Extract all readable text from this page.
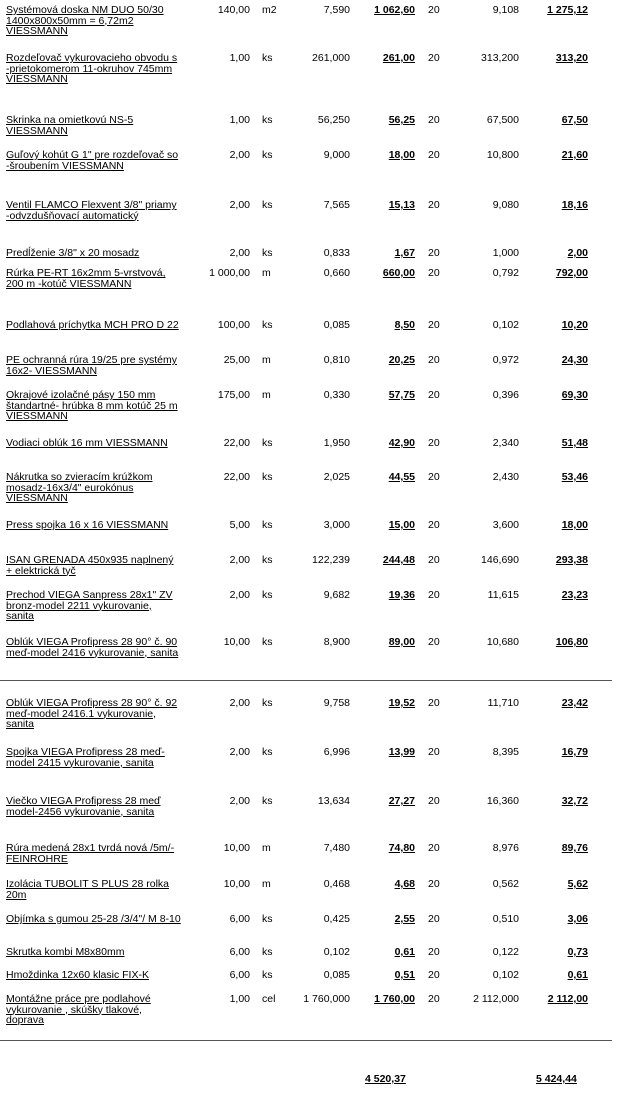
Systémová doska NM DUO 50/30 1400x800x50mm = 6,72m2 VIESSMANN
140,00 m2	7,590 1 062,60 20	9,108	1 275,12
Rozdeľovač vykurovacieho obvodu s -prietokomerom 11-okruhov 745mm VIESSMANN
1,00 ks	261,000	261,00 20	313,200	313,20
Skrinka na omietkovú NS-5 VIESSMANN
1,00 ks	56,250	56,25 20	67,500	67,50
Guľový kohút G 1" pre rozdeľovač so -šroubením VIESSMANN
2,00 ks	9,000	18,00 20	10,800	21,60
Ventil FLAMCO Flexvent 3/8" priamy -odvzdušňovací automatický
2,00 ks	7,565	15,13 20	9,080	18,16
Predĺženie 3/8" x 20 mosadz	2,00 ks	0,833	1,67 20	1,000	2,00
Rúrka PE-RT 16x2mm 5-vrstvová, 200 m -kotúč VIESSMANN
1 000,00 m	0,660	660,00 20	0,792	792,00
Podlahová príchytka MCH PRO D 22	100,00 ks	0,085	8,50 20	0,102	10,20
PE ochranná rúra 19/25 pre systémy 16x2- VIESSMANN
25,00 m	0,810	20,25 20	0,972	24,30
Okrajové izolačné pásy 150 mm štandartné- hrúbka 8 mm kotúč 25 m VIESSMANN
175,00 m	0,330	57,75 20	0,396	69,30
Vodiaci oblúk 16 mm VIESSMANN	22,00 ks	1,950	42,90 20	2,340	51,48
Nákrutka so zvieracím krúžkom mosadz-16x3/4" eurokónus VIESSMANN
22,00 ks	2,025	44,55 20	2,430	53,46
Press spojka 16 x 16 VIESSMANN	5,00 ks	3,000	15,00 20	3,600	18,00
ISAN GRENADA 450x935 naplnený + elektrická tyč
2,00 ks	122,239	244,48 20	146,690	293,38
Prechod VIEGA Sanpress 28x1" ZV bronz-model 2211 vykurovanie, sanita
2,00 ks	9,682	19,36 20	11,615	23,23
Oblúk VIEGA Profipress 28 90° č. 90 meď-model 2416 vykurovanie, sanita
10,00 ks	8,900	89,00 20	10,680	106,80
Oblúk VIEGA Profipress 28 90° č. 92 meď-model 2416.1 vykurovanie, sanita
2,00 ks	9,758	19,52 20	11,710	23,42
Spojka VIEGA Profipress 28 meď-model 2415 vykurovanie, sanita
2,00 ks	6,996	13,99 20	8,395	16,79
Viečko VIEGA Profipress 28 meď model-2456 vykurovanie, sanita
2,00 ks	13,634	27,27 20	16,360	32,72
Rúra medená 28x1 tvrdá nová /5m/-FEINROHRE
10,00 m	7,480	74,80 20	8,976	89,76
Izolácia TUBOLIT S PLUS 28 rolka 20m
10,00 m	0,468	4,68 20	0,562	5,62
Objímka s gumou 25-28 /3/4"/ M 8-10	6,00 ks	0,425	2,55 20	0,510	3,06
Skrutka kombi M8x80mm	6,00 ks	0,102	0,61 20	0,122	0,73
Hmoždinka 12x60 klasic FIX-K	6,00 ks	0,085	0,51 20	0,102	0,61
Montážne práce pre podlahové vykurovanie , skúšky tlakové, doprava
1,00 cel	1 760,000 1 760,00 20	2 112,000	2 112,00
4 520,37	5 424,44
